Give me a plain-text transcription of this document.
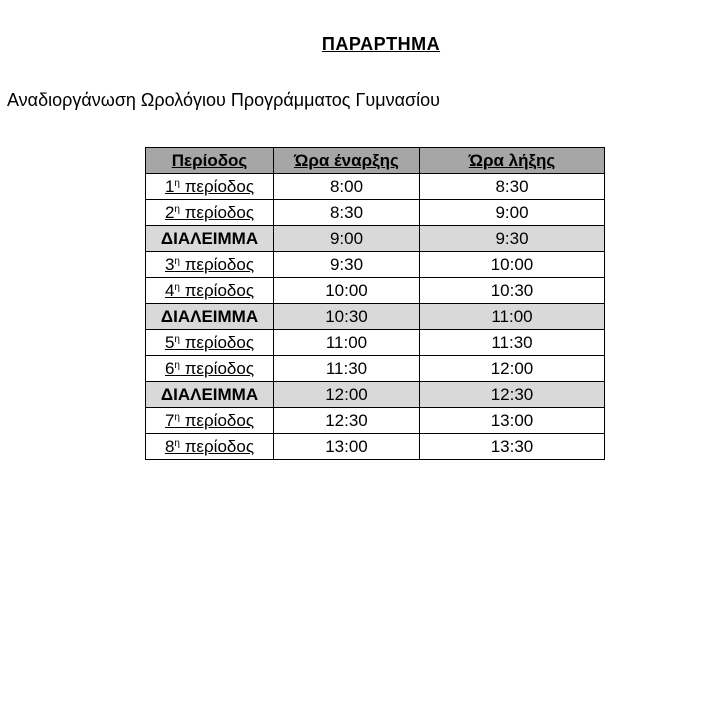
ΠΑΡΑΡΤΗΜΑ
Αναδιοργάνωση Ωρολόγιου Προγράμματος Γυμνασίου
Περίοδος	Ώρα έναρξης	Ώρα λήξης
$1^\eta$ περίοδος	8:00	8:30
$2^\eta$ περίοδος	8:30	9:00
ΔΙΑΛΕΙΜΜΑ	9:00	9:30
$3^\eta$ περίοδος	9:30	10:00
$4^\eta$ περίοδος	10:00	10:30
ΔΙΑΛΕΙΜΜΑ	10:30	11:00
$5^\eta$ περίοδος	11:00	11:30
$6^\eta$ περίοδος	11:30	12:00
ΔΙΑΛΕΙΜΜΑ	12:00	12:30
$7^\eta$ περίοδος	12:30	13:00
$8^\eta$ περίοδος	13:00	13:30
